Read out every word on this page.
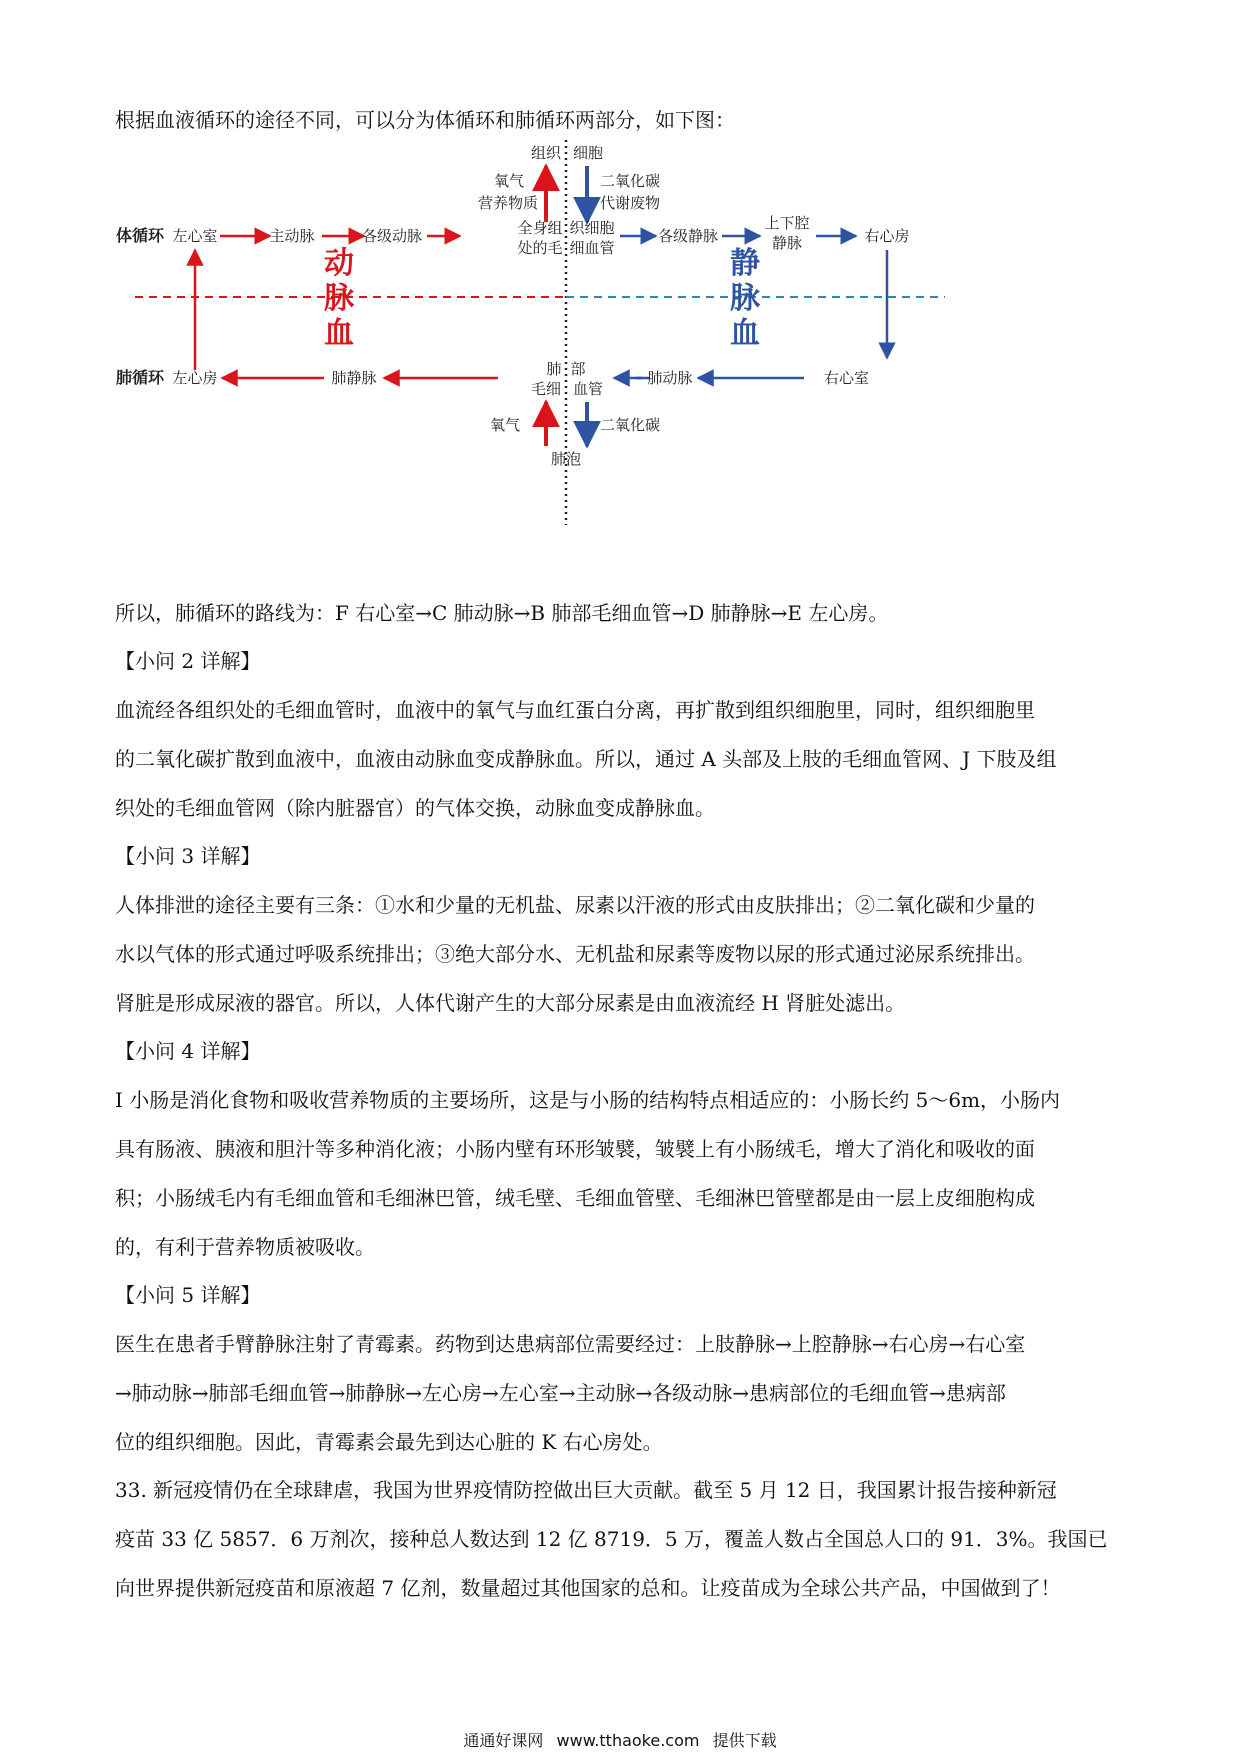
根据血液循环的途径不同，可以分为体循环和肺循环两部分，如下图：

组织 细胞
氧气
营养物质
二氧化碳
代谢废物
体循环 左心室	主动脉	各级动脉	全身组 织细胞
处的毛 细血管
各级静脉
上下腔
静脉	右心房
动
脉
血
静
脉
血
肺循环 左心房	肺静脉	肺 部
毛细 血管
肺动脉	右心室
氧气	二氧化碳
肺泡

所以，肺循环的路线为：F 右心室→C 肺动脉→B 肺部毛细血管→D 肺静脉→E 左心房。

【小问 2 详解】

血流经各组织处的毛细血管时，血液中的氧气与血红蛋白分离，再扩散到组织细胞里，同时，组织细胞里

的二氧化碳扩散到血液中，血液由动脉血变成静脉血。所以，通过 A 头部及上肢的毛细血管网、J 下肢及组

织处的毛细血管网（除内脏器官）的气体交换，动脉血变成静脉血。

【小问 3 详解】

人体排泄的途径主要有三条：①水和少量的无机盐、尿素以汗液的形式由皮肤排出；②二氧化碳和少量的

水以气体的形式通过呼吸系统排出；③绝大部分水、无机盐和尿素等废物以尿的形式通过泌尿系统排出。

肾脏是形成尿液的器官。所以，人体代谢产生的大部分尿素是由血液流经 H 肾脏处滤出。

【小问 4 详解】

I 小肠是消化食物和吸收营养物质的主要场所，这是与小肠的结构特点相适应的：小肠长约 5～6m，小肠内

具有肠液、胰液和胆汁等多种消化液；小肠内壁有环形皱襞，皱襞上有小肠绒毛，增大了消化和吸收的面

积；小肠绒毛内有毛细血管和毛细淋巴管，绒毛壁、毛细血管壁、毛细淋巴管壁都是由一层上皮细胞构成

的，有利于营养物质被吸收。

【小问 5 详解】

医生在患者手臂静脉注射了青霉素。药物到达患病部位需要经过：上肢静脉→上腔静脉→右心房→右心室

→肺动脉→肺部毛细血管→肺静脉→左心房→左心室→主动脉→各级动脉→患病部位的毛细血管→患病部

位的组织细胞。因此，青霉素会最先到达心脏的 K 右心房处。

33. 新冠疫情仍在全球肆虐，我国为世界疫情防控做出巨大贡献。截至 5 月 12 日，我国累计报告接种新冠

疫苗 33 亿 5857．6 万剂次，接种总人数达到 12 亿 8719．5 万，覆盖人数占全国总人口的 91．3%。我国已

向世界提供新冠疫苗和原液超 7 亿剂，数量超过其他国家的总和。让疫苗成为全球公共产品，中国做到了！

通通好课网 www.tthaoke.com 提供下载
